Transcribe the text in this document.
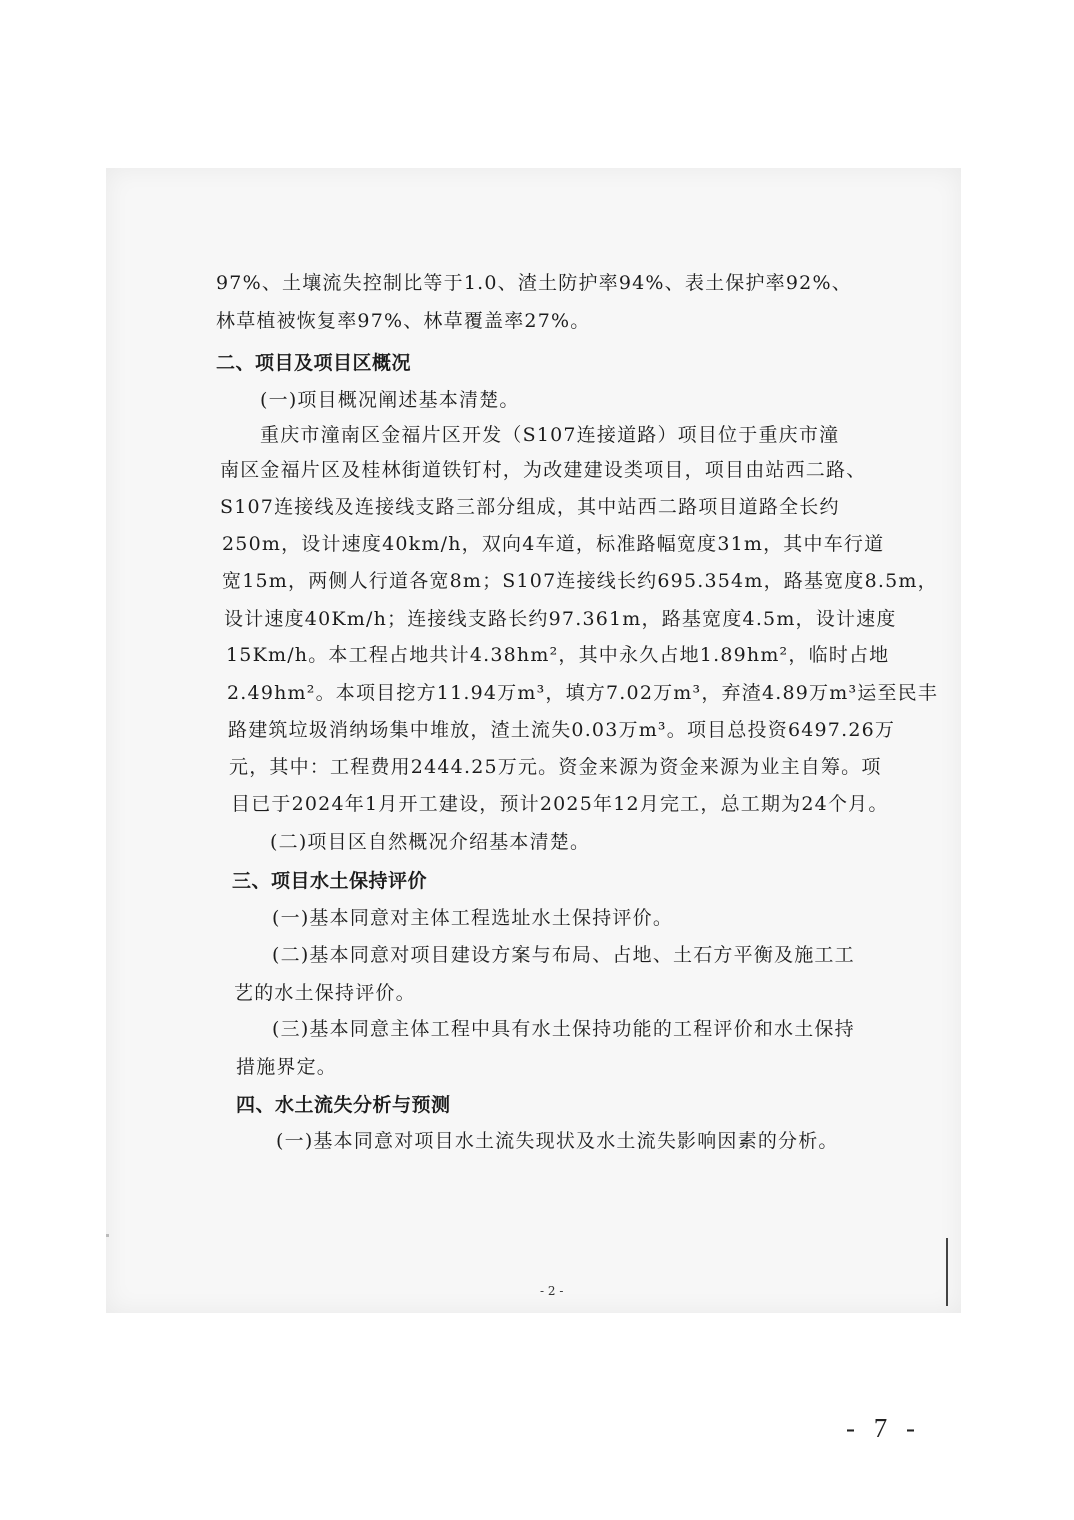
97%、土壤流失控制比等于1.0、渣土防护率94%、表土保护率92%、
林草植被恢复率97%、林草覆盖率27%。
二、项目及项目区概况
(一)项目概况阐述基本清楚。
重庆市潼南区金福片区开发（S107连接道路）项目位于重庆市潼
南区金福片区及桂林街道铁钉村，为改建建设类项目，项目由站西二路、
S107连接线及连接线支路三部分组成，其中站西二路项目道路全长约
250m，设计速度40km/h，双向4车道，标准路幅宽度31m，其中车行道
宽15m，两侧人行道各宽8m；S107连接线长约695.354m，路基宽度8.5m，
设计速度40Km/h；连接线支路长约97.361m，路基宽度4.5m，设计速度
15Km/h。本工程占地共计4.38hm²，其中永久占地1.89hm²，临时占地
2.49hm²。本项目挖方11.94万m³，填方7.02万m³，弃渣4.89万m³运至民丰
路建筑垃圾消纳场集中堆放，渣土流失0.03万m³。项目总投资6497.26万
元，其中：工程费用2444.25万元。资金来源为资金来源为业主自筹。项
目已于2024年1月开工建设，预计2025年12月完工，总工期为24个月。
(二)项目区自然概况介绍基本清楚。
三、项目水土保持评价
(一)基本同意对主体工程选址水土保持评价。
(二)基本同意对项目建设方案与布局、占地、土石方平衡及施工工
艺的水土保持评价。
(三)基本同意主体工程中具有水土保持功能的工程评价和水土保持
措施界定。
四、水土流失分析与预测
(一)基本同意对项目水土流失现状及水土流失影响因素的分析。
- 2 -
- 7 -
